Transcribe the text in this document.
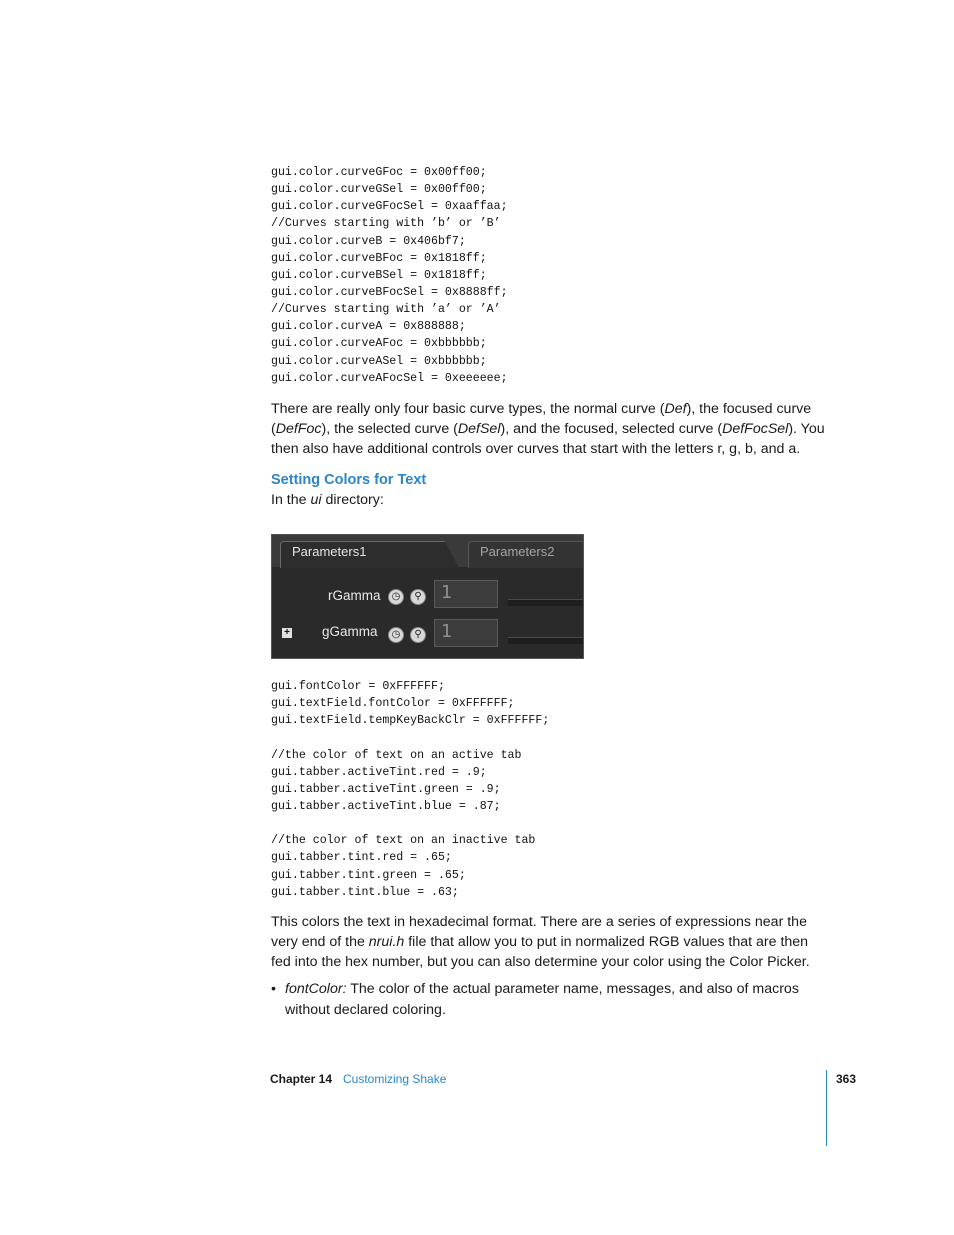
gui.color.curveGFoc = 0x00ff00;
gui.color.curveGSel = 0x00ff00;
gui.color.curveGFocSel = 0xaaffaa;
//Curves starting with ’b’ or ’B’
gui.color.curveB = 0x406bf7;
gui.color.curveBFoc = 0x1818ff;
gui.color.curveBSel = 0x1818ff;
gui.color.curveBFocSel = 0x8888ff;
//Curves starting with ’a’ or ’A’
gui.color.curveA = 0x888888;
gui.color.curveAFoc = 0xbbbbbb;
gui.color.curveASel = 0xbbbbbb;
gui.color.curveAFocSel = 0xeeeeee;

There are really only four basic curve types, the normal curve (Def), the focused curve (DefFoc), the selected curve (DefSel), and the focused, selected curve (DefFocSel). You then also have additional controls over curves that start with the letters r, g, b, and a.

Setting Colors for Text
In the ui directory:
Parameters1	Parameters2
rGamma	◷	⚲ 1
+ gGamma	◷	⚲ 1
gui.fontColor = 0xFFFFFF;
gui.textField.fontColor = 0xFFFFFF;
gui.textField.tempKeyBackClr = 0xFFFFFF;
//the color of text on an active tab
gui.tabber.activeTint.red = .9;
gui.tabber.activeTint.green = .9;
gui.tabber.activeTint.blue = .87;
//the color of text on an inactive tab
gui.tabber.tint.red = .65;
gui.tabber.tint.green = .65;
gui.tabber.tint.blue = .63;

This colors the text in hexadecimal format. There are a series of expressions near the very end of the nrui.h file that allow you to put in normalized RGB values that are then fed into the hex number, but you can also determine your color using the Color Picker.

• fontColor: The color of the actual parameter name, messages, and also of macros without declared coloring.
Chapter 14 Customizing Shake	363
